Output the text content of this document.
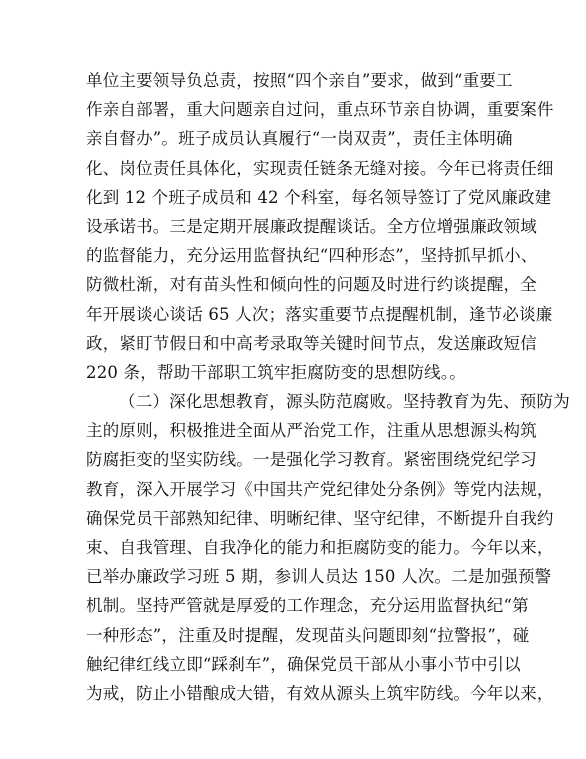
单位主要领导负总责，按照“四个亲自”要求，做到“重要工
作亲自部署，重大问题亲自过问，重点环节亲自协调，重要案件
亲自督办”。班子成员认真履行“一岗双责”，责任主体明确
化、岗位责任具体化，实现责任链条无缝对接。今年已将责任细
化到 12 个班子成员和 42 个科室，每名领导签订了党风廉政建
设承诺书。三是定期开展廉政提醒谈话。全方位增强廉政领域
的监督能力，充分运用监督执纪“四种形态”，坚持抓早抓小、
防微杜渐，对有苗头性和倾向性的问题及时进行约谈提醒，全
年开展谈心谈话 65 人次；落实重要节点提醒机制，逢节必谈廉
政，紧盯节假日和中高考录取等关键时间节点，发送廉政短信
220 条，帮助干部职工筑牢拒腐防变的思想防线。。
（二）深化思想教育，源头防范腐败。坚持教育为先、预防为
主的原则，积极推进全面从严治党工作，注重从思想源头构筑
防腐拒变的坚实防线。一是强化学习教育。紧密围绕党纪学习
教育，深入开展学习《中国共产党纪律处分条例》等党内法规，
确保党员干部熟知纪律、明晰纪律、坚守纪律，不断提升自我约
束、自我管理、自我净化的能力和拒腐防变的能力。今年以来，
已举办廉政学习班 5 期，参训人员达 150 人次。二是加强预警
机制。坚持严管就是厚爱的工作理念，充分运用监督执纪“第
一种形态”，注重及时提醒，发现苗头问题即刻“拉警报”，碰
触纪律红线立即“踩刹车”，确保党员干部从小事小节中引以
为戒，防止小错酿成大错，有效从源头上筑牢防线。今年以来，
